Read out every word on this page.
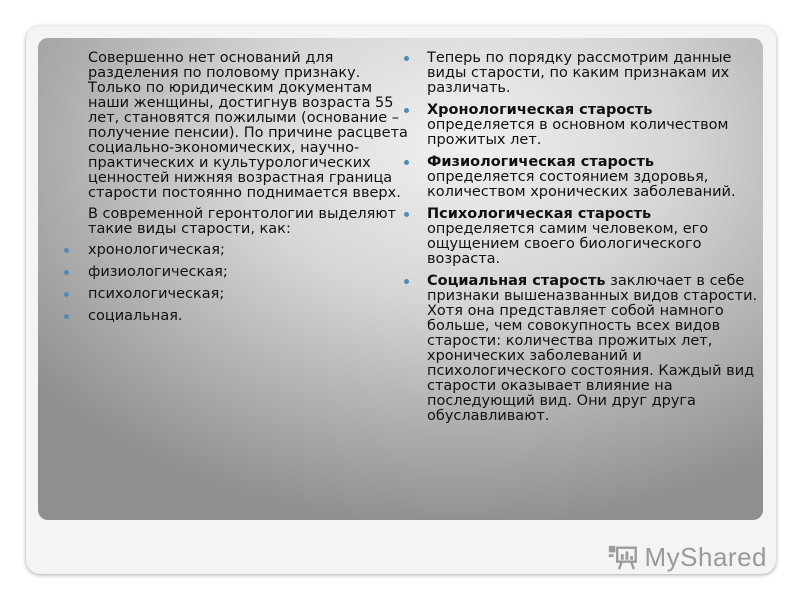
Совершенно нет оснований для разделения по половому признаку. Только по юридическим документам наши женщины, достигнув возраста 55 лет, становятся пожилыми (основание – получение пенсии). По причине расцвета социально-экономических, научно-практических и культурологических ценностей нижняя возрастная граница старости постоянно поднимается вверх.

В современной геронтологии выделяют такие виды старости, как:

хронологическая;
физиологическая;
психологическая;
социальная.
Теперь по порядку рассмотрим данные виды старости, по каким признакам их различать.
Хронологическая старость определяется в основном количеством прожитых лет.
Физиологическая старость определяется состоянием здоровья, количеством хронических заболеваний.
Психологическая старость определяется самим человеком, его ощущением своего биологического возраста.
Социальная старость заключает в себе признаки вышеназванных видов старости. Хотя она представляет собой намного больше, чем совокупность всех видов старости: количества прожитых лет, хронических заболеваний и психологического состояния. Каждый вид старости оказывает влияние на последующий вид. Они друг друга обуславливают.
MyShared
